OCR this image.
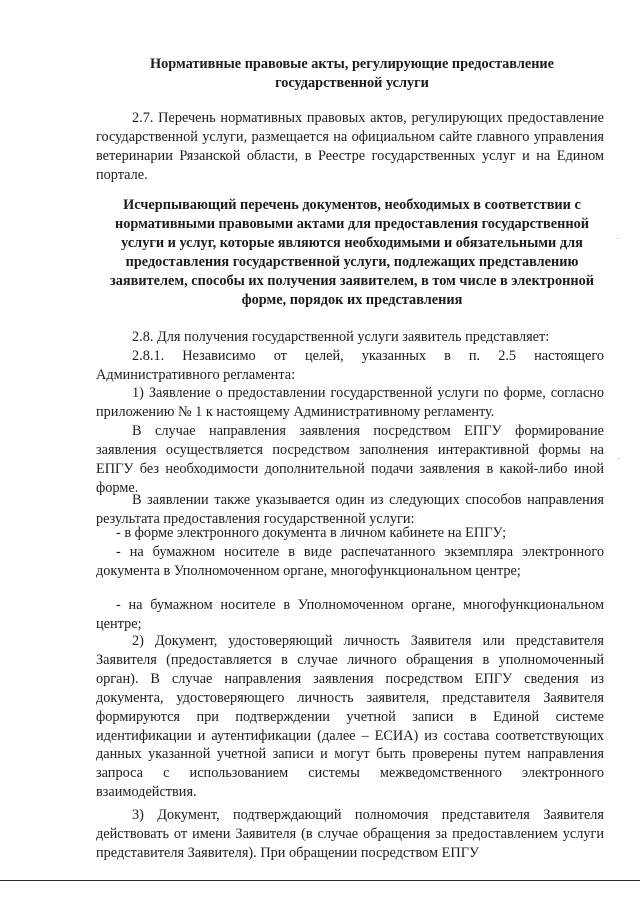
Нормативные правовые акты, регулирующие предоставление государственной услуги

2.7. Перечень нормативных правовых актов, регулирующих предоставление государственной услуги, размещается на официальном сайте главного управления ветеринарии Рязанской области, в Реестре государственных услуг и на Едином портале.

Исчерпывающий перечень документов, необходимых в соответствии с нормативными правовыми актами для предоставления государственной услуги и услуг, которые являются необходимыми и обязательными для предоставления государственной услуги, подлежащих представлению заявителем, способы их получения заявителем, в том числе в электронной форме, порядок их представления

2.8. Для получения государственной услуги заявитель представляет:

2.8.1. Независимо от целей, указанных в п. 2.5 настоящего Административного регламента:

1) Заявление о предоставлении государственной услуги по форме, согласно приложению № 1 к настоящему Административному регламенту.

В случае направления заявления посредством ЕПГУ формирование заявления осуществляется посредством заполнения интерактивной формы на ЕПГУ без необходимости дополнительной подачи заявления в какой-либо иной форме.

В заявлении также указывается один из следующих способов направления результата предоставления государственной услуги:

- в форме электронного документа в личном кабинете на ЕПГУ;

- на бумажном носителе в виде распечатанного экземпляра электронного документа в Уполномоченном органе, многофункциональном центре;

- на бумажном носителе в Уполномоченном органе, многофункциональном центре;

2) Документ, удостоверяющий личность Заявителя или представителя Заявителя (предоставляется в случае личного обращения в уполномоченный орган). В случае направления заявления посредством ЕПГУ сведения из документа, удостоверяющего личность заявителя, представителя Заявителя формируются при подтверждении учетной записи в Единой системе идентификации и аутентификации (далее – ЕСИА) из состава соответствующих данных указанной учетной записи и могут быть проверены путем направления запроса с использованием системы межведомственного электронного взаимодействия.

3) Документ, подтверждающий полномочия представителя Заявителя действовать от имени Заявителя (в случае обращения за предоставлением услуги представителя Заявителя). При обращении посредством ЕПГУ
